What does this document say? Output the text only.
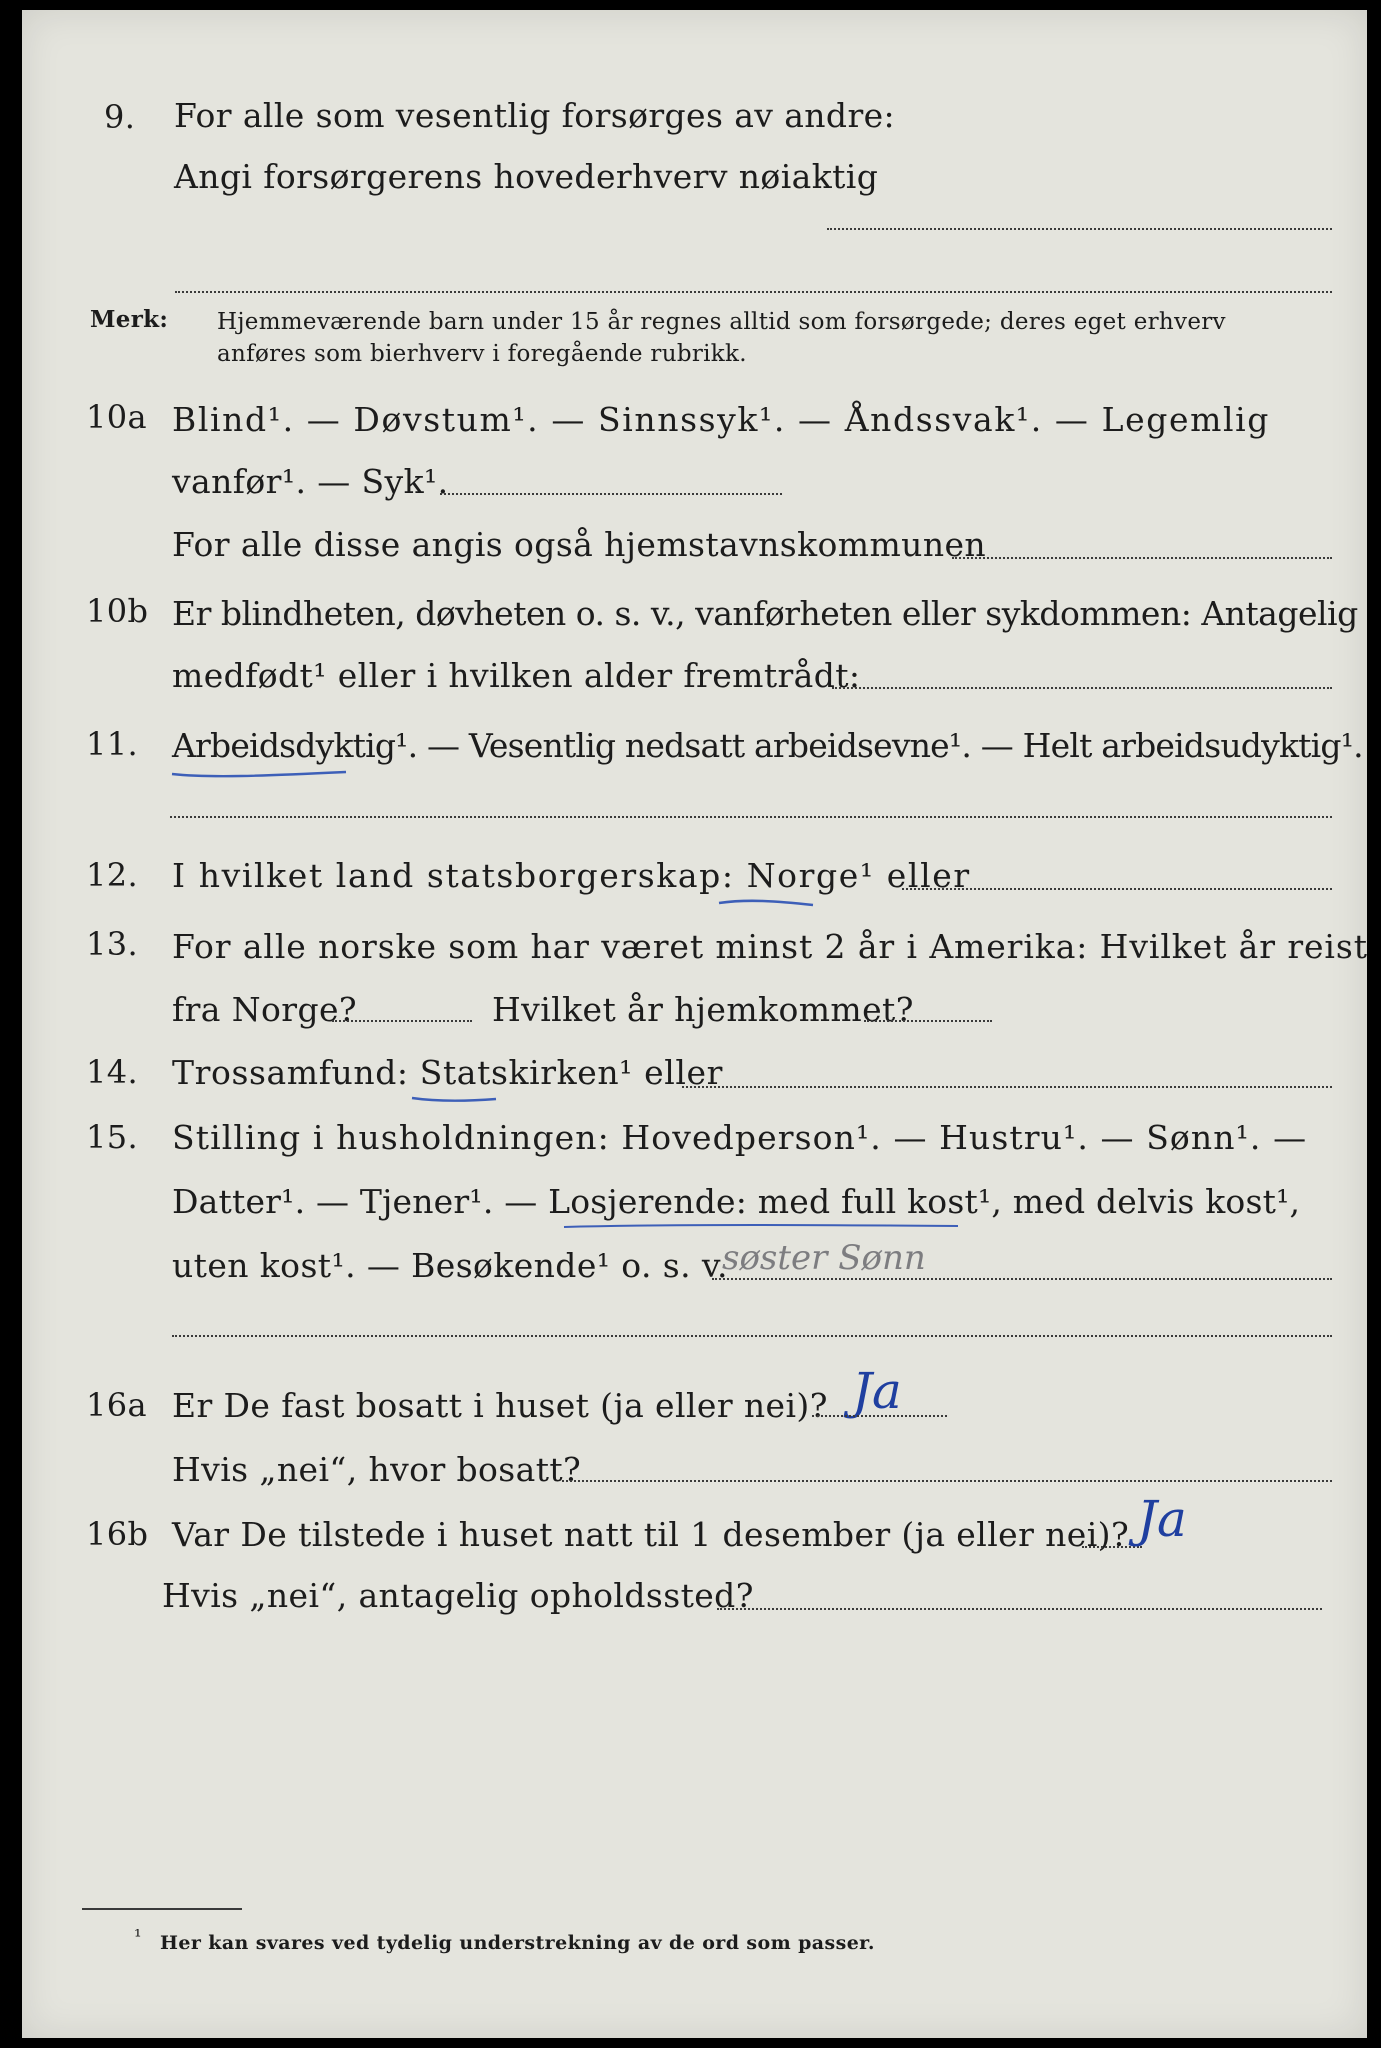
9. For alle som vesentlig forsørges av andre:
Angi forsørgerens hovederhverv nøiaktig
Merk: Hjemmeværende barn under 15 år regnes alltid som forsørgede; deres eget erhverv
anføres som bierhverv i foregående rubrikk.
10a Blind¹. — Døvstum¹. — Sinnssyk¹. — Åndssvak¹. — Legemlig
vanfør¹. — Syk¹.
For alle disse angis også hjemstavnskommunen
10b Er blindheten, døvheten o. s. v., vanførheten eller sykdommen: Antagelig
medfødt¹ eller i hvilken alder fremtrådt:
11. Arbeidsdyktig¹. — Vesentlig nedsatt arbeidsevne¹. — Helt arbeidsudyktig¹.
12. I hvilket land statsborgerskap: Norge¹ eller
13. For alle norske som har været minst 2 år i Amerika: Hvilket år reist
fra Norge?	Hvilket år hjemkommet?
14. Trossamfund: Statskirken¹ eller
15. Stilling i husholdningen: Hovedperson¹. — Hustru¹. — Sønn¹. —
Datter¹. — Tjener¹. — Losjerende: med full kost¹, med delvis kost¹,
uten kost¹. — Besøkende¹ o. s. v.
søster Sønn
16a Er De fast bosatt i huset (ja eller nei)? Ja
Hvis „nei“, hvor bosatt?
16b Var De tilstede i huset natt til 1 desember (ja eller nei)? Ja
Hvis „nei“, antagelig opholdssted?
¹ Her kan svares ved tydelig understrekning av de ord som passer.
